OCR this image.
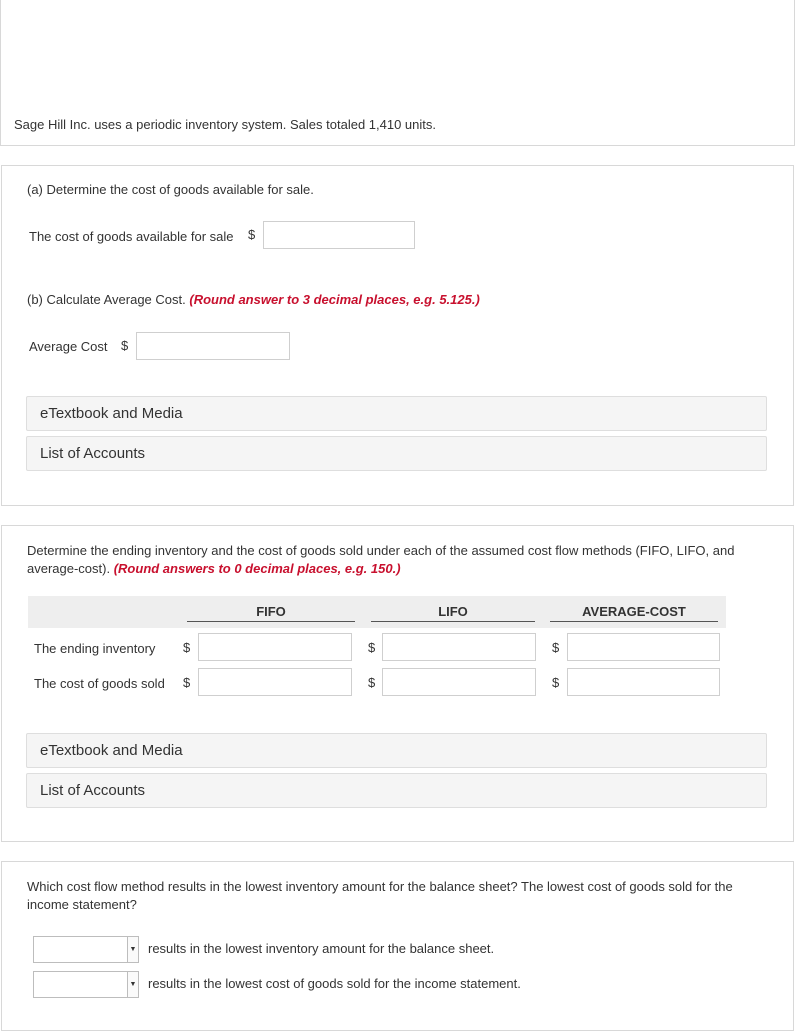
Sage Hill Inc. uses a periodic inventory system. Sales totaled 1,410 units.
(a) Determine the cost of goods available for sale.
The cost of goods available for sale $
(b) Calculate Average Cost. (Round answer to 3 decimal places, e.g. 5.125.)
Average Cost $
eTextbook and Media
List of Accounts
Determine the ending inventory and the cost of goods sold under each of the assumed cost flow methods (FIFO, LIFO, and average-cost). (Round answers to 0 decimal places, e.g. 150.)
FIFO	LIFO	AVERAGE-COST
The ending inventory $	$	$
The cost of goods sold $	$	$
eTextbook and Media
List of Accounts
Which cost flow method results in the lowest inventory amount for the balance sheet? The lowest cost of goods sold for the income statement?
▼ results in the lowest inventory amount for the balance sheet.
▼ results in the lowest cost of goods sold for the income statement.
